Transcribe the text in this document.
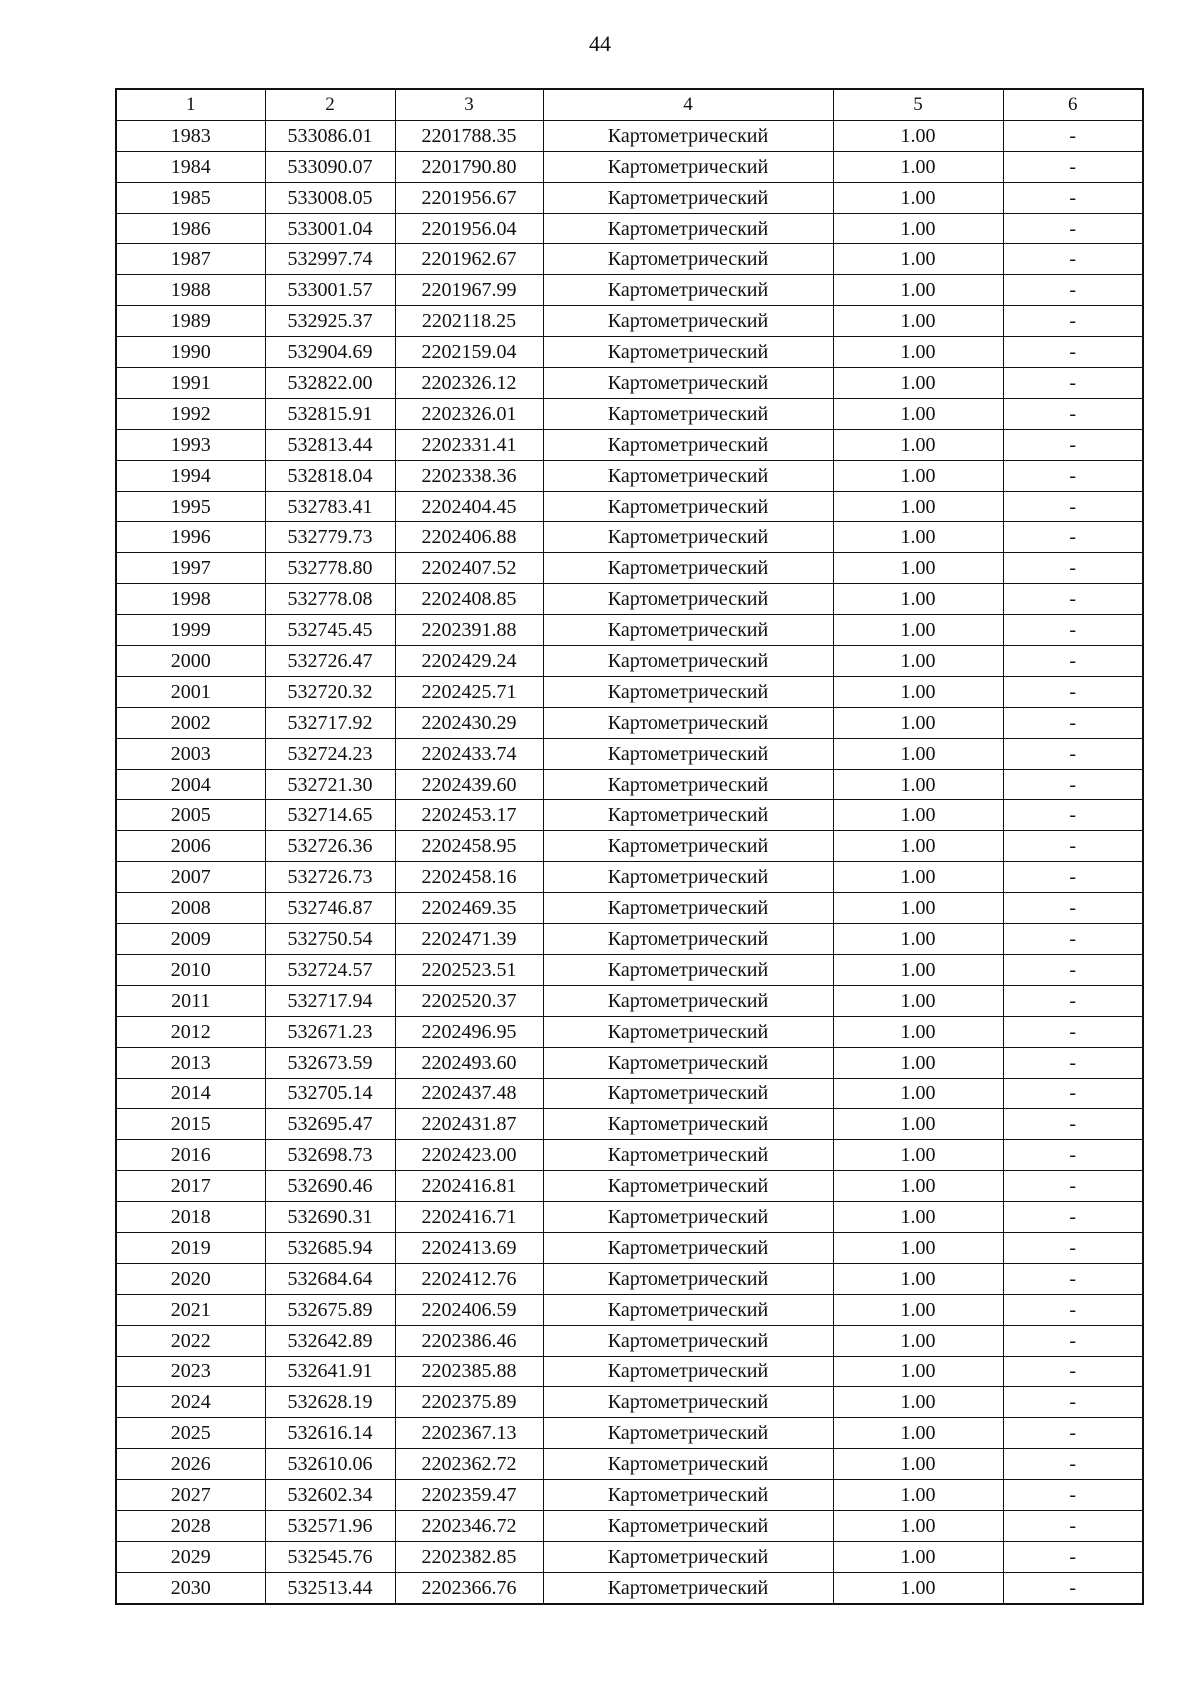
44
1	2	3	4	5	6
1983	533086.01	2201788.35	Картометрический	1.00	-
1984	533090.07	2201790.80	Картометрический	1.00	-
1985	533008.05	2201956.67	Картометрический	1.00	-
1986	533001.04	2201956.04	Картометрический	1.00	-
1987	532997.74	2201962.67	Картометрический	1.00	-
1988	533001.57	2201967.99	Картометрический	1.00	-
1989	532925.37	2202118.25	Картометрический	1.00	-
1990	532904.69	2202159.04	Картометрический	1.00	-
1991	532822.00	2202326.12	Картометрический	1.00	-
1992	532815.91	2202326.01	Картометрический	1.00	-
1993	532813.44	2202331.41	Картометрический	1.00	-
1994	532818.04	2202338.36	Картометрический	1.00	-
1995	532783.41	2202404.45	Картометрический	1.00	-
1996	532779.73	2202406.88	Картометрический	1.00	-
1997	532778.80	2202407.52	Картометрический	1.00	-
1998	532778.08	2202408.85	Картометрический	1.00	-
1999	532745.45	2202391.88	Картометрический	1.00	-
2000	532726.47	2202429.24	Картометрический	1.00	-
2001	532720.32	2202425.71	Картометрический	1.00	-
2002	532717.92	2202430.29	Картометрический	1.00	-
2003	532724.23	2202433.74	Картометрический	1.00	-
2004	532721.30	2202439.60	Картометрический	1.00	-
2005	532714.65	2202453.17	Картометрический	1.00	-
2006	532726.36	2202458.95	Картометрический	1.00	-
2007	532726.73	2202458.16	Картометрический	1.00	-
2008	532746.87	2202469.35	Картометрический	1.00	-
2009	532750.54	2202471.39	Картометрический	1.00	-
2010	532724.57	2202523.51	Картометрический	1.00	-
2011	532717.94	2202520.37	Картометрический	1.00	-
2012	532671.23	2202496.95	Картометрический	1.00	-
2013	532673.59	2202493.60	Картометрический	1.00	-
2014	532705.14	2202437.48	Картометрический	1.00	-
2015	532695.47	2202431.87	Картометрический	1.00	-
2016	532698.73	2202423.00	Картометрический	1.00	-
2017	532690.46	2202416.81	Картометрический	1.00	-
2018	532690.31	2202416.71	Картометрический	1.00	-
2019	532685.94	2202413.69	Картометрический	1.00	-
2020	532684.64	2202412.76	Картометрический	1.00	-
2021	532675.89	2202406.59	Картометрический	1.00	-
2022	532642.89	2202386.46	Картометрический	1.00	-
2023	532641.91	2202385.88	Картометрический	1.00	-
2024	532628.19	2202375.89	Картометрический	1.00	-
2025	532616.14	2202367.13	Картометрический	1.00	-
2026	532610.06	2202362.72	Картометрический	1.00	-
2027	532602.34	2202359.47	Картометрический	1.00	-
2028	532571.96	2202346.72	Картометрический	1.00	-
2029	532545.76	2202382.85	Картометрический	1.00	-
2030	532513.44	2202366.76	Картометрический	1.00	-
